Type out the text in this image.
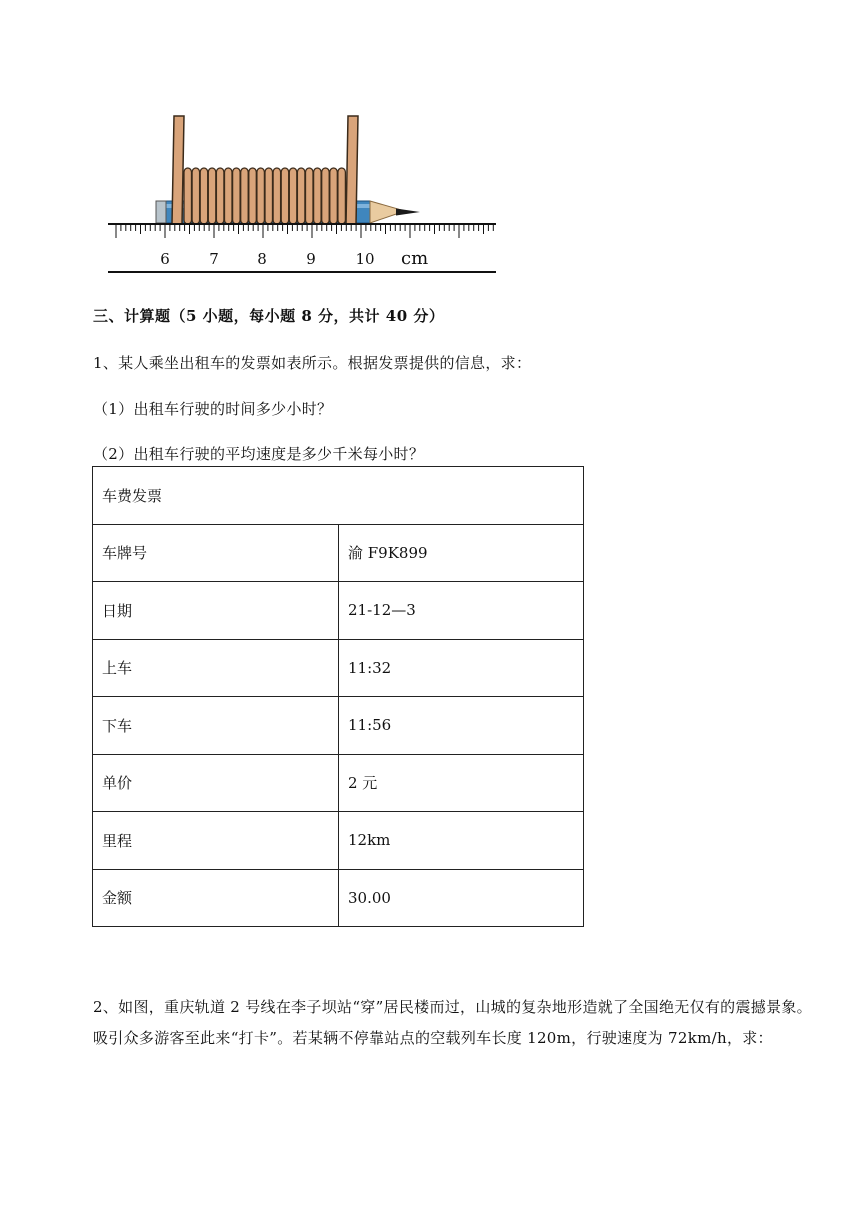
6	7	8	9	10 cm
三、计算题（5 小题，每小题 8 分，共计 40 分）
1、某人乘坐出租车的发票如表所示。根据发票提供的信息，求：
（1）出租车行驶的时间多少小时？
（2）出租车行驶的平均速度是多少千米每小时？
车费发票	
车牌号	渝 F9K899
日期	21-12—3
上车	11:32
下车	11:56
单价	2 元
里程	12km
金额	30.00
2、如图，重庆轨道 2 号线在李子坝站“穿”居民楼而过，山城的复杂地形造就了全国绝无仅有的震撼景象。吸引众多游客至此来“打卡”。若某辆不停靠站点的空载列车长度 120m，行驶速度为 72km/h，求：
